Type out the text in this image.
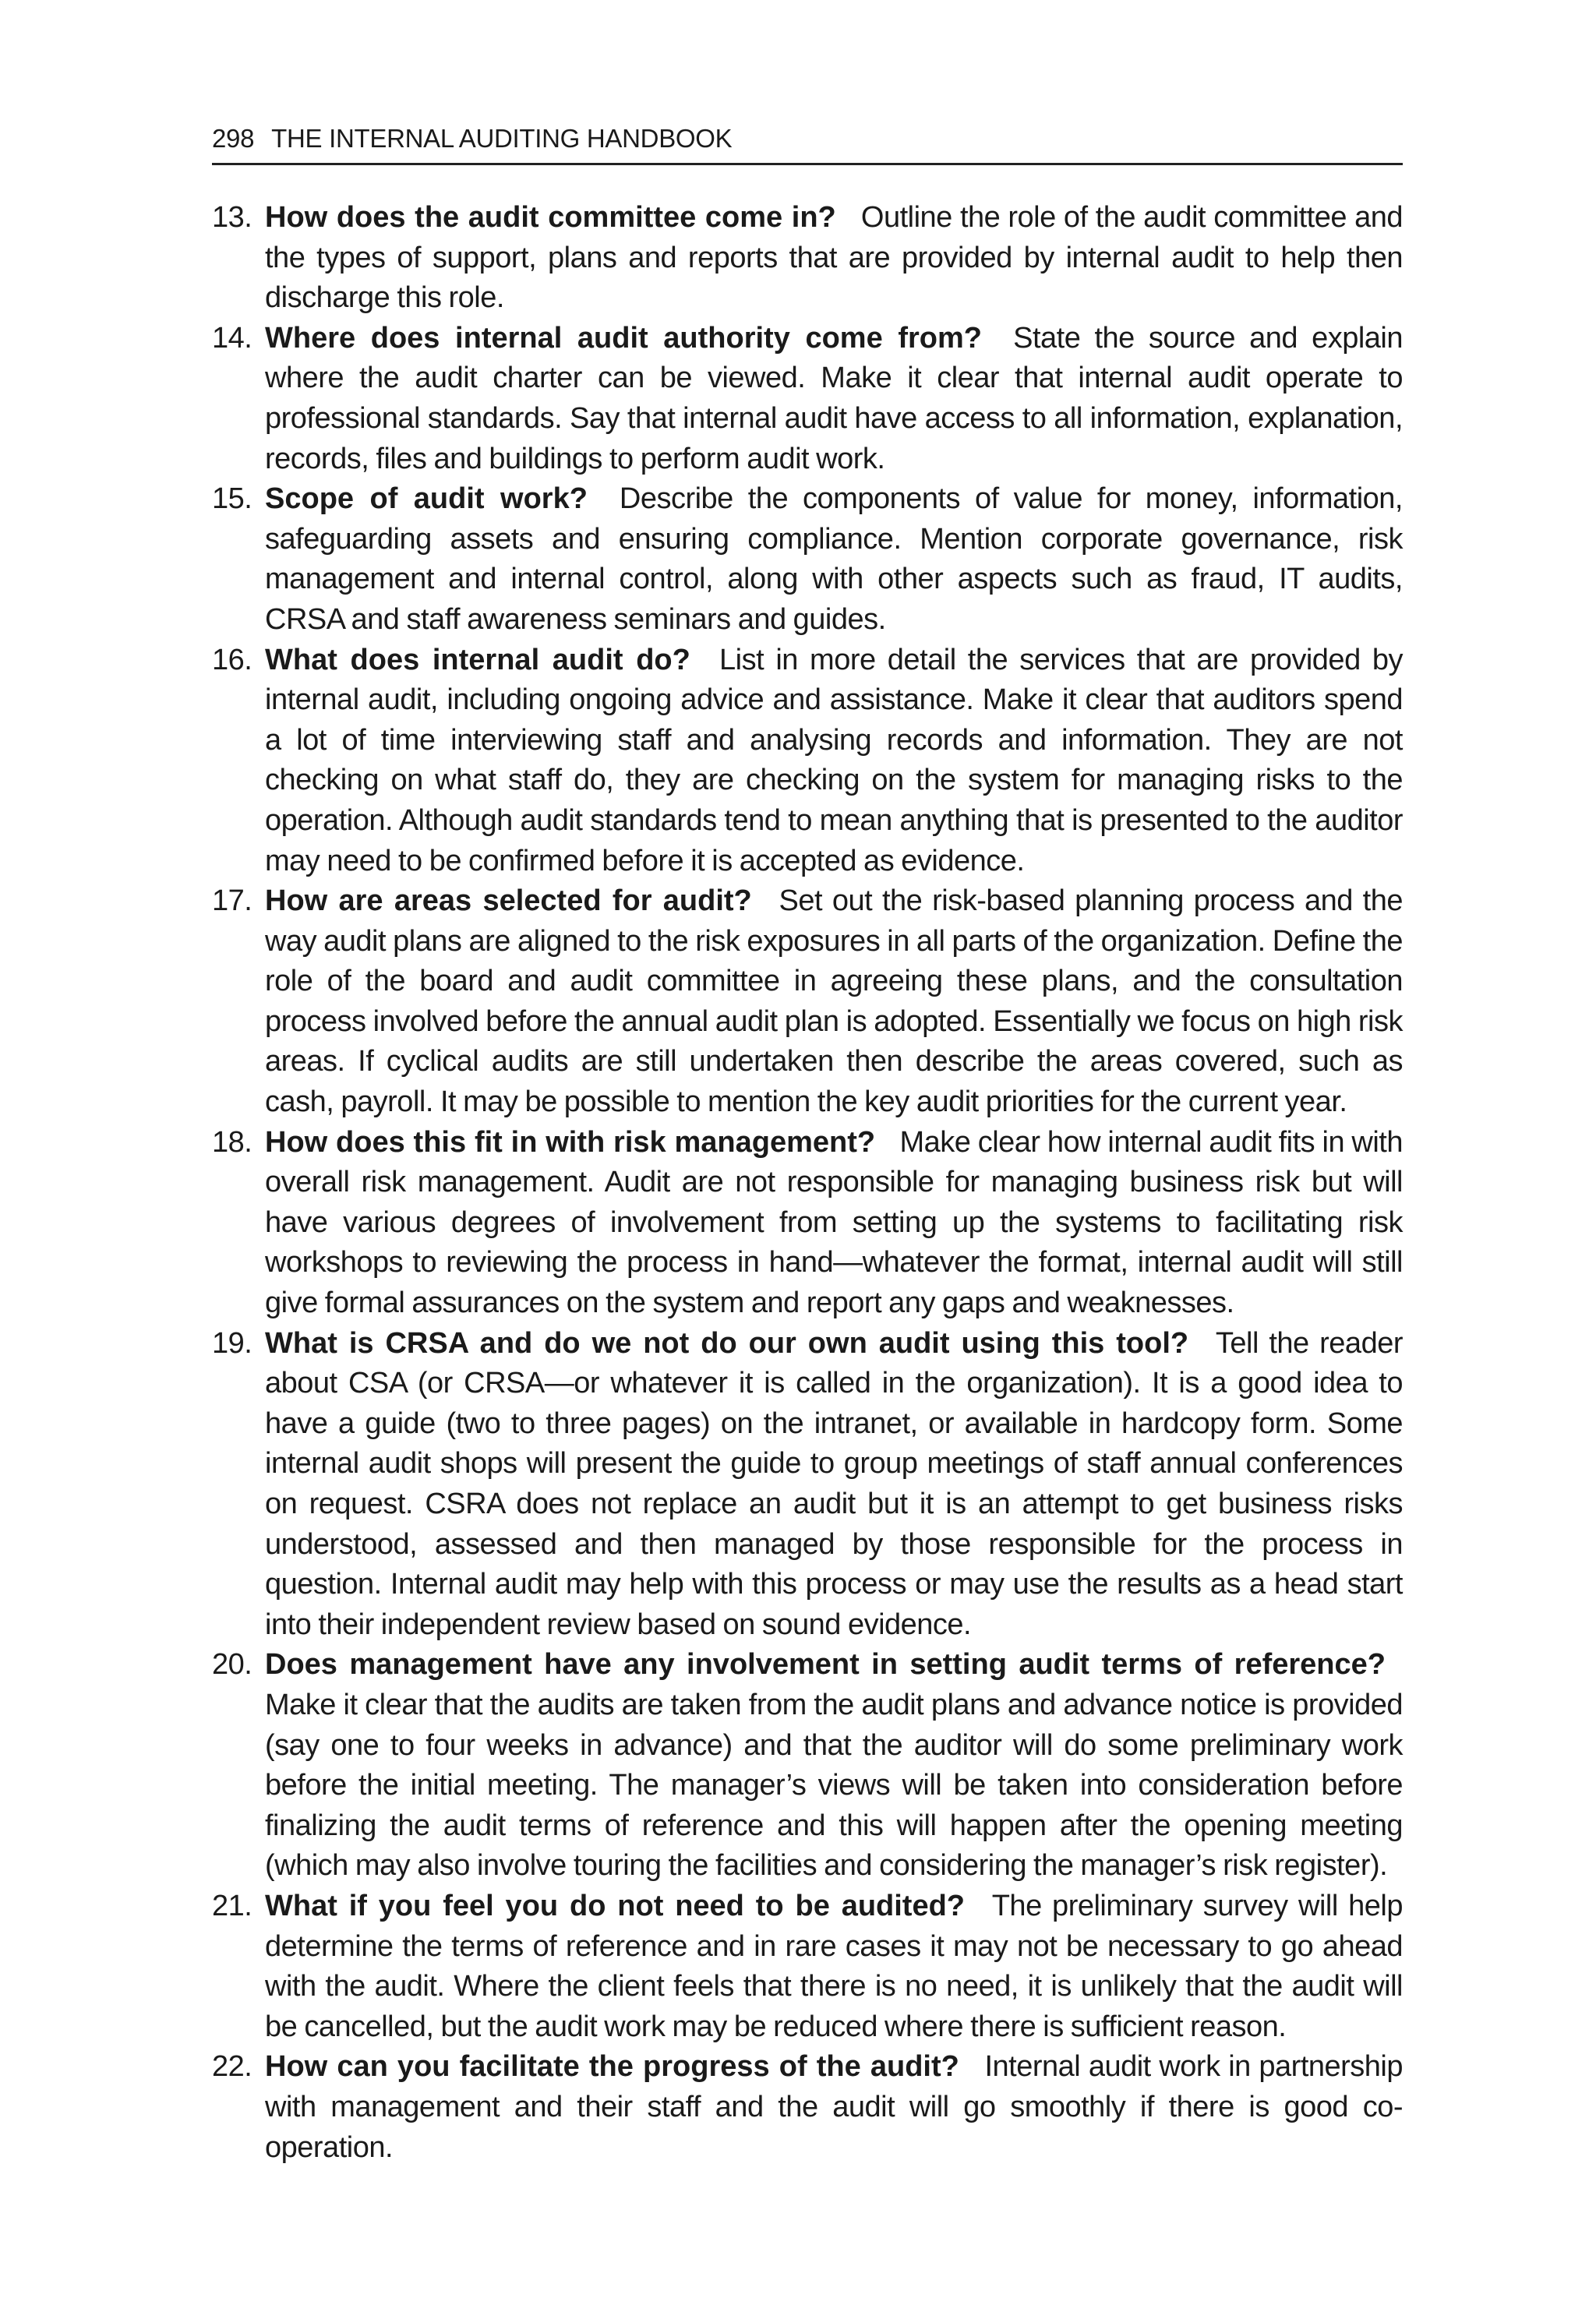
298 THE INTERNAL AUDITING HANDBOOK
13. How does the audit committee come in? Outline the role of the audit committee and the types of support, plans and reports that are provided by internal audit to help then discharge this role.
14. Where does internal audit authority come from? State the source and explain where the audit charter can be viewed. Make it clear that internal audit operate to professional standards. Say that internal audit have access to all information, explanation, records, files and buildings to perform audit work.
15. Scope of audit work? Describe the components of value for money, information, safeguarding assets and ensuring compliance. Mention corporate governance, risk management and internal control, along with other aspects such as fraud, IT audits, CRSA and staff awareness seminars and guides.
16. What does internal audit do? List in more detail the services that are provided by internal audit, including ongoing advice and assistance. Make it clear that auditors spend a lot of time interviewing staff and analysing records and information. They are not checking on what staff do, they are checking on the system for managing risks to the operation. Although audit standards tend to mean anything that is presented to the auditor may need to be confirmed before it is accepted as evidence.
17. How are areas selected for audit? Set out the risk-based planning process and the way audit plans are aligned to the risk exposures in all parts of the organization. Define the role of the board and audit committee in agreeing these plans, and the consultation process involved before the annual audit plan is adopted. Essentially we focus on high risk areas. If cyclical audits are still undertaken then describe the areas covered, such as cash, payroll. It may be possible to mention the key audit priorities for the current year.
18. How does this fit in with risk management? Make clear how internal audit fits in with overall risk management. Audit are not responsible for managing business risk but will have various degrees of involvement from setting up the systems to facilitating risk workshops to reviewing the process in hand—whatever the format, internal audit will still give formal assurances on the system and report any gaps and weaknesses.
19. What is CRSA and do we not do our own audit using this tool? Tell the reader about CSA (or CRSA—or whatever it is called in the organization). It is a good idea to have a guide (two to three pages) on the intranet, or available in hardcopy form. Some internal audit shops will present the guide to group meetings of staff annual conferences on request. CSRA does not replace an audit but it is an attempt to get business risks understood, assessed and then managed by those responsible for the process in question. Internal audit may help with this process or may use the results as a head start into their independent review based on sound evidence.
20. Does management have any involvement in setting audit terms of reference? Make it clear that the audits are taken from the audit plans and advance notice is provided (say one to four weeks in advance) and that the auditor will do some preliminary work before the initial meeting. The manager’s views will be taken into consideration before finalizing the audit terms of reference and this will happen after the opening meeting (which may also involve touring the facilities and considering the manager’s risk register).
21. What if you feel you do not need to be audited? The preliminary survey will help determine the terms of reference and in rare cases it may not be necessary to go ahead with the audit. Where the client feels that there is no need, it is unlikely that the audit will be cancelled, but the audit work may be reduced where there is sufficient reason.
22. How can you facilitate the progress of the audit? Internal audit work in partnership with management and their staff and the audit will go smoothly if there is good co-operation.
